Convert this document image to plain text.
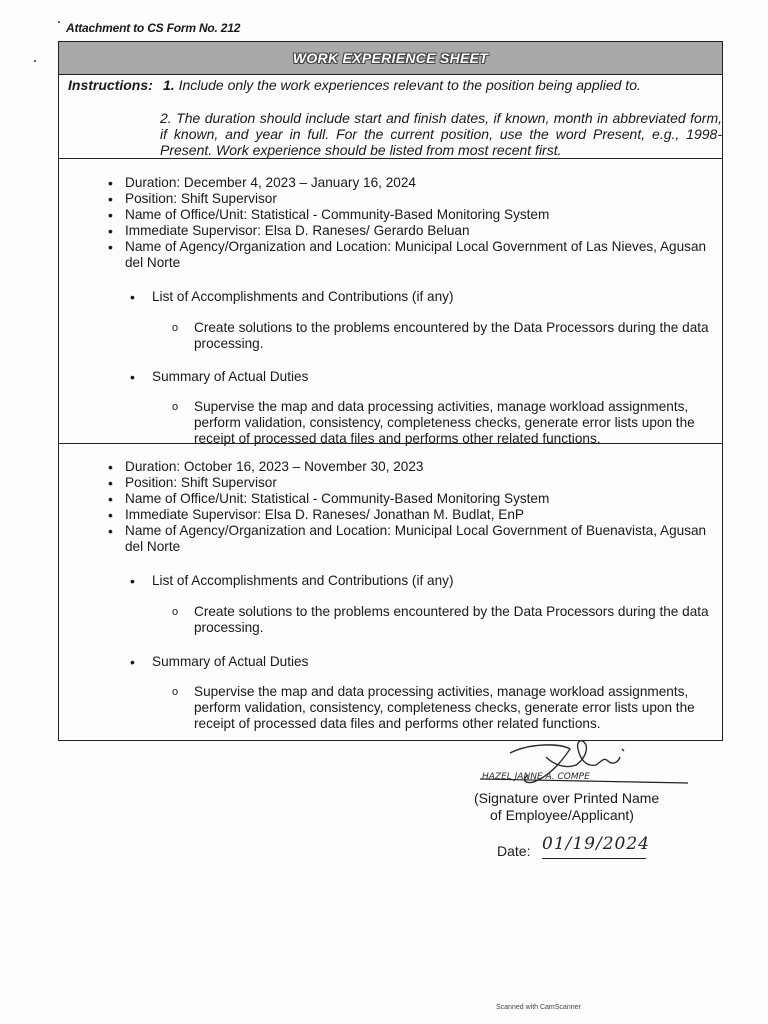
Attachment to CS Form No. 212
WORK EXPERIENCE SHEET
Instructions: 1. Include only the work experiences relevant to the position being applied to.
2. The duration should include start and finish dates, if known, month in abbreviated form, if known, and year in full. For the current position, use the word Present, e.g., 1998-Present. Work experience should be listed from most recent first.
• Duration: December 4, 2023 – January 16, 2024
• Position: Shift Supervisor
• Name of Office/Unit: Statistical - Community-Based Monitoring System
• Immediate Supervisor: Elsa D. Raneses/ Gerardo Beluan
• Name of Agency/Organization and Location: Municipal Local Government of Las Nieves, Agusan del Norte
• List of Accomplishments and Contributions (if any)
o Create solutions to the problems encountered by the Data Processors during the data processing.
• Summary of Actual Duties
o Supervise the map and data processing activities, manage workload assignments, perform validation, consistency, completeness checks, generate error lists upon the receipt of processed data files and performs other related functions.
• Duration: October 16, 2023 – November 30, 2023
• Position: Shift Supervisor
• Name of Office/Unit: Statistical - Community-Based Monitoring System
• Immediate Supervisor: Elsa D. Raneses/ Jonathan M. Budlat, EnP
• Name of Agency/Organization and Location: Municipal Local Government of Buenavista, Agusan del Norte
• List of Accomplishments and Contributions (if any)
o Create solutions to the problems encountered by the Data Processors during the data processing.
• Summary of Actual Duties
o Supervise the map and data processing activities, manage workload assignments, perform validation, consistency, completeness checks, generate error lists upon the receipt of processed data files and performs other related functions.
HAZEL JANNE A. COMPE
(Signature over Printed Name
of Employee/Applicant)
Date: 01/19/2024
Scanned with CamScanner
